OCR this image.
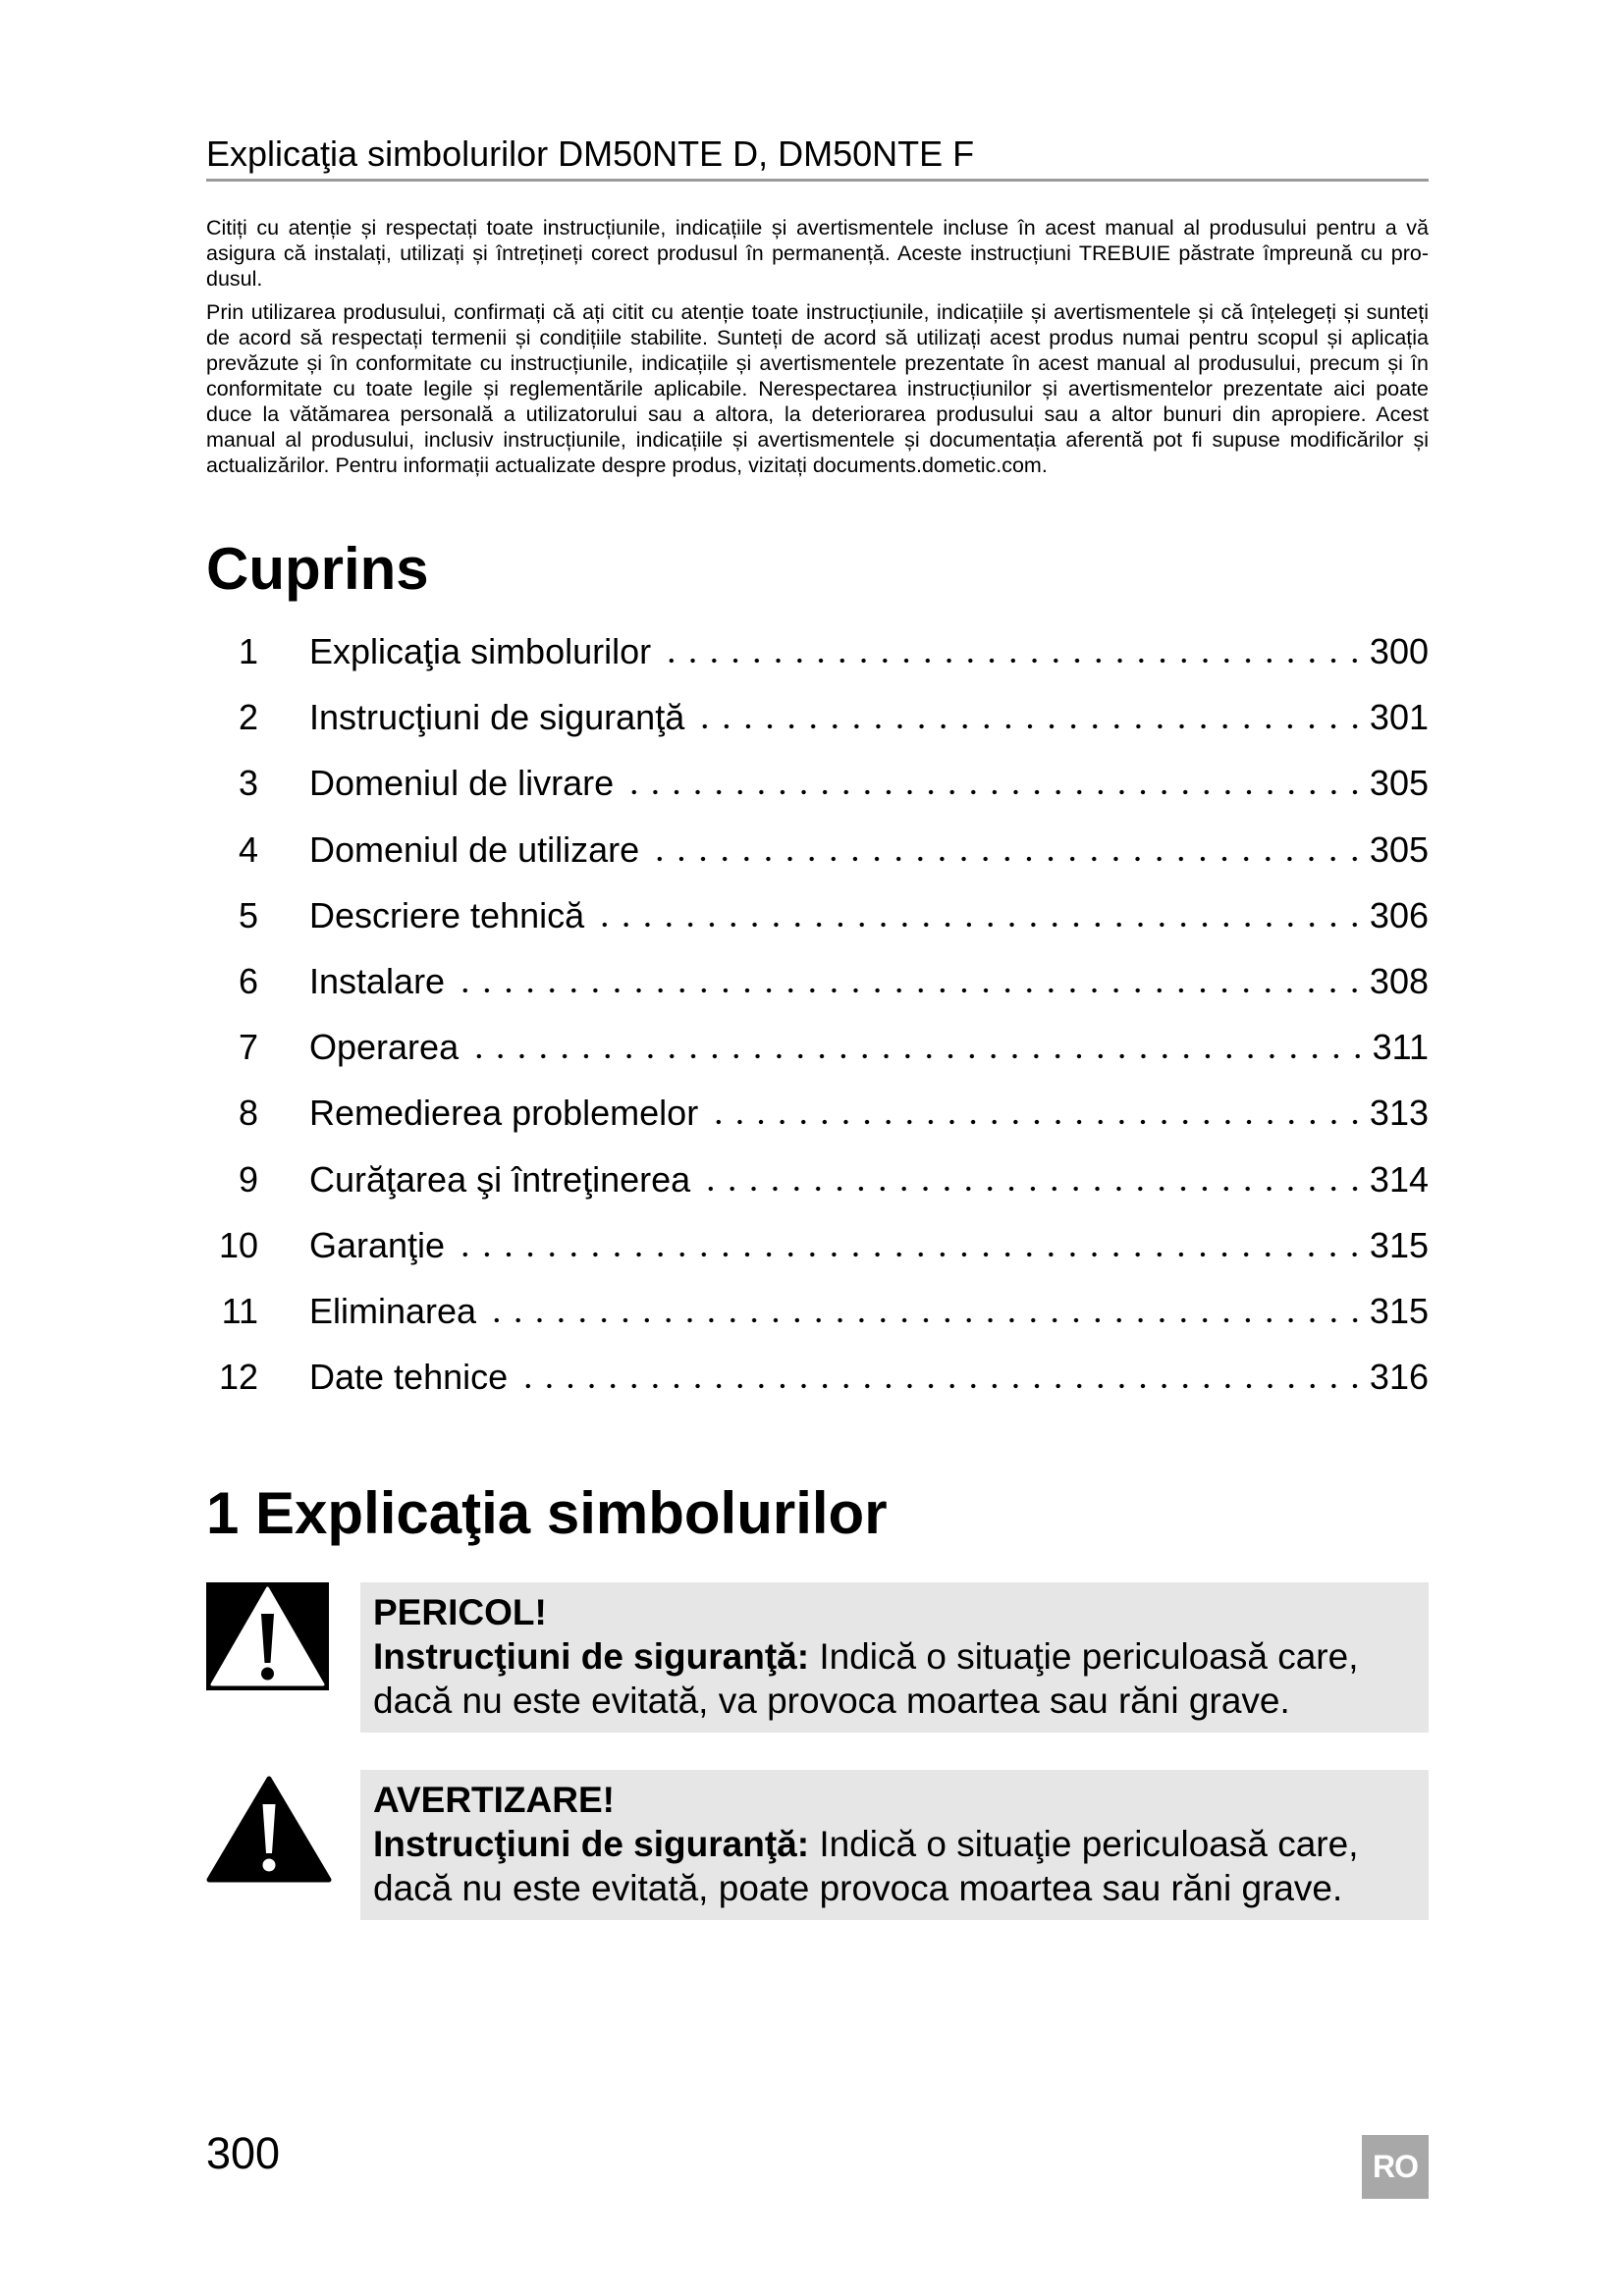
Explicaţia simbolurilor DM50NTE D, DM50NTE F
Citiți cu atenție și respectați toate instrucțiunile, indicațiile și avertismentele incluse în acest manual al produsului pentru a vă
asigura că instalați, utilizați și întrețineți corect produsul în permanență. Aceste instrucțiuni TREBUIE păstrate împreună cu pro-
dusul.
Prin utilizarea produsului, confirmați că ați citit cu atenție toate instrucțiunile, indicațiile și avertismentele și că înțelegeți și sunteți
de acord să respectați termenii și condițiile stabilite. Sunteți de acord să utilizați acest produs numai pentru scopul și aplicația
prevăzute și în conformitate cu instrucțiunile, indicațiile și avertismentele prezentate în acest manual al produsului, precum și în
conformitate cu toate legile și reglementările aplicabile. Nerespectarea instrucțiunilor și avertismentelor prezentate aici poate
duce la vătămarea personală a utilizatorului sau a altora, la deteriorarea produsului sau a altor bunuri din apropiere. Acest
manual al produsului, inclusiv instrucțiunile, indicațiile și avertismentele și documentația aferentă pot fi supuse modificărilor și
actualizărilor. Pentru informații actualizate despre produs, vizitați documents.dometic.com.
Cuprins
1 Explicaţia simbolurilor	300
2 Instrucţiuni de siguranţă	301
3 Domeniul de livrare	305
4 Domeniul de utilizare	305
5 Descriere tehnică	306
6 Instalare	308
7 Operarea	311
8 Remedierea problemelor	313
9 Curăţarea şi întreţinerea	314
10 Garanţie	315
11 Eliminarea	315
12 Date tehnice	316
1 Explicaţia simbolurilor
PERICOL!
Instrucţiuni de siguranţă: Indică o situaţie periculoasă care,
dacă nu este evitată, va provoca moartea sau răni grave.
AVERTIZARE!
Instrucţiuni de siguranţă: Indică o situaţie periculoasă care,
dacă nu este evitată, poate provoca moartea sau răni grave.
300	RO
